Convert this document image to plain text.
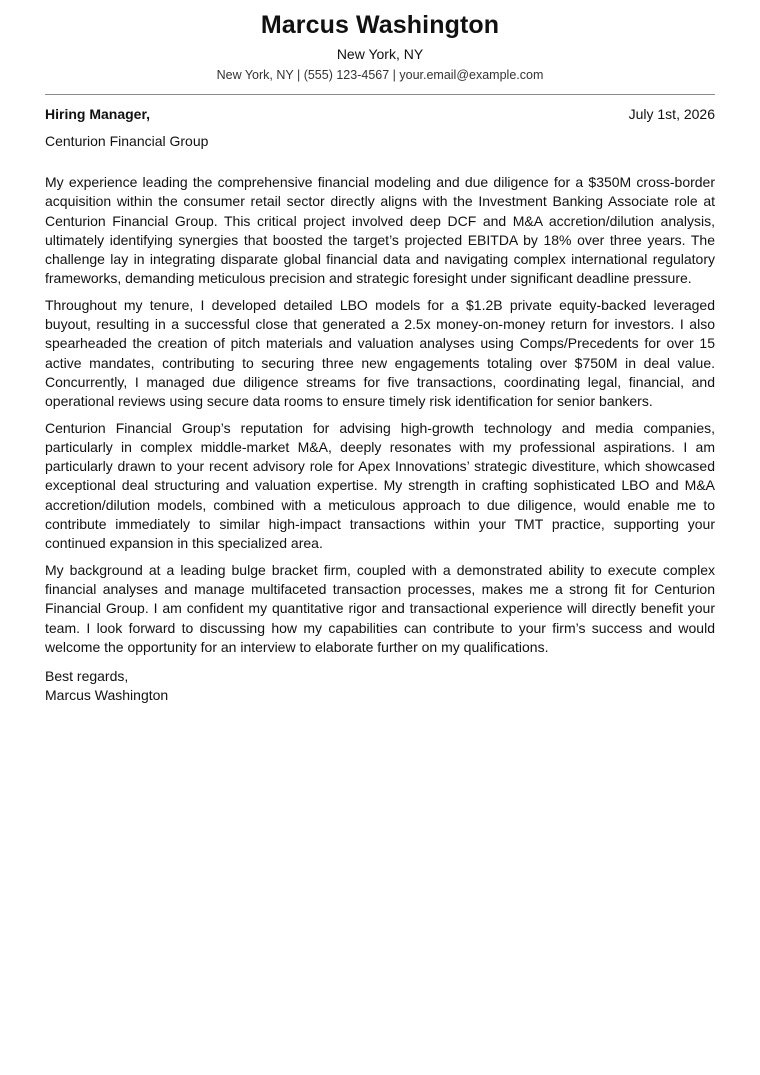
Marcus Washington
New York, NY
New York, NY | (555) 123-4567 | your.email@example.com
Hiring Manager,	July 1st, 2026
Centurion Financial Group

My experience leading the comprehensive financial modeling and due diligence for a $350M cross-border acquisition within the consumer retail sector directly aligns with the Investment Banking Associate role at Centurion Financial Group. This critical project involved deep DCF and M&A accretion/dilution analysis, ultimately identifying synergies that boosted the target’s projected EBITDA by 18% over three years. The challenge lay in integrating disparate global financial data and navigating complex international regulatory frameworks, demanding meticulous precision and strategic foresight under significant deadline pressure.

Throughout my tenure, I developed detailed LBO models for a $1.2B private equity-backed leveraged buyout, resulting in a successful close that generated a 2.5x money-on-money return for investors. I also spearheaded the creation of pitch materials and valuation analyses using Comps/Precedents for over 15 active mandates, contributing to securing three new engagements totaling over $750M in deal value. Concurrently, I managed due diligence streams for five transactions, coordinating legal, financial, and operational reviews using secure data rooms to ensure timely risk identification for senior bankers.

Centurion Financial Group’s reputation for advising high-growth technology and media companies, particularly in complex middle-market M&A, deeply resonates with my professional aspirations. I am particularly drawn to your recent advisory role for Apex Innovations’ strategic divestiture, which showcased exceptional deal structuring and valuation expertise. My strength in crafting sophisticated LBO and M&A accretion/dilution models, combined with a meticulous approach to due diligence, would enable me to contribute immediately to similar high-impact transactions within your TMT practice, supporting your continued expansion in this specialized area.

My background at a leading bulge bracket firm, coupled with a demonstrated ability to execute complex financial analyses and manage multifaceted transaction processes, makes me a strong fit for Centurion Financial Group. I am confident my quantitative rigor and transactional experience will directly benefit your team. I look forward to discussing how my capabilities can contribute to your firm’s success and would welcome the opportunity for an interview to elaborate further on my qualifications.

Best regards,
Marcus Washington
